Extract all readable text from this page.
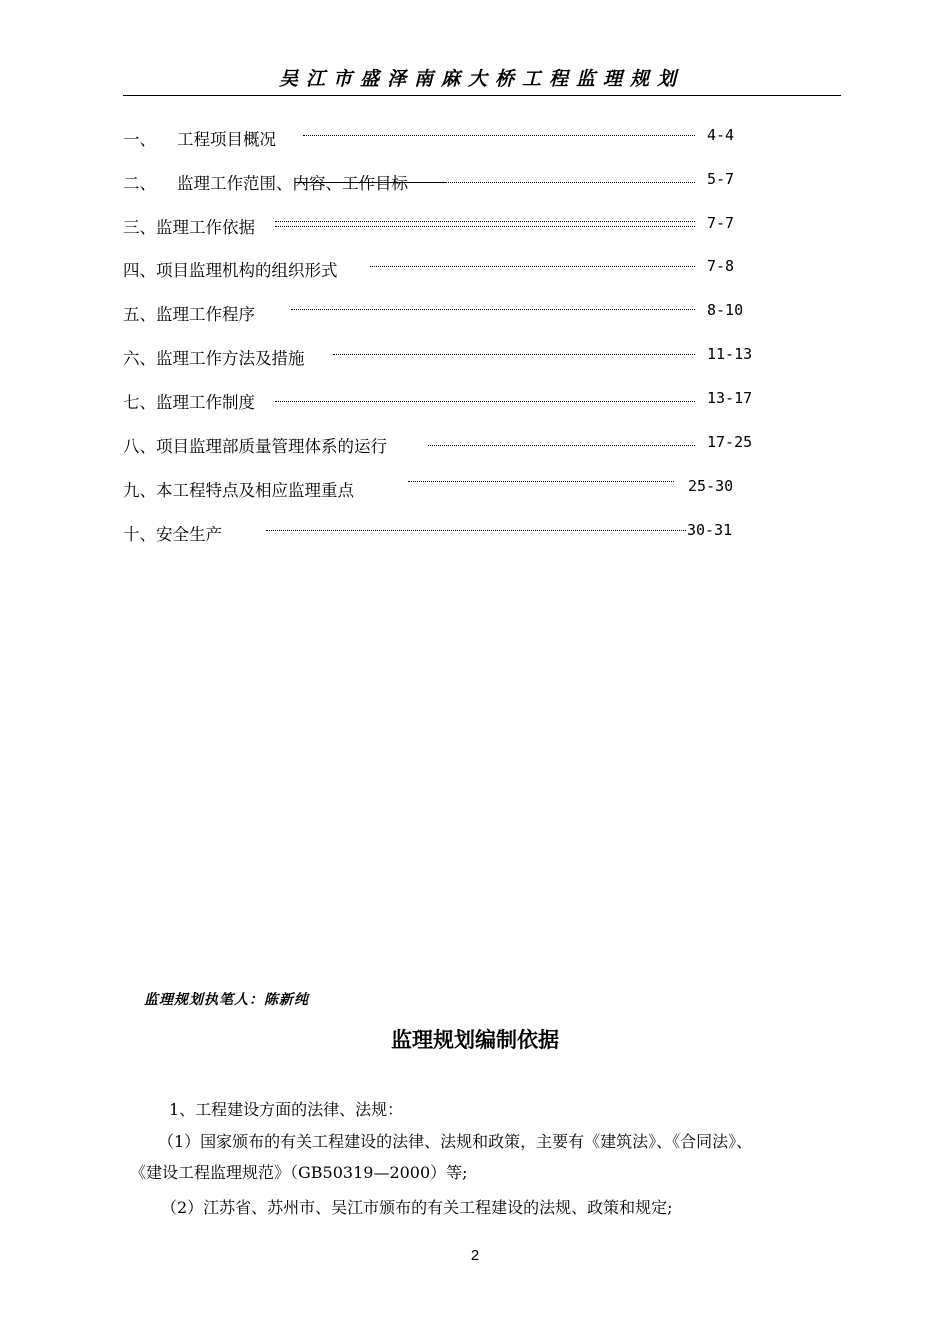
吴江市盛泽南麻大桥工程监理规划
一、    工程项目概况	4-4
二、    监理工作范围、内容、工作目标	5-7
三、监理工作依据	7-7
四、项目监理机构的组织形式	7-8
五、监理工作程序	8-10
六、监理工作方法及措施	11-13
七、监理工作制度	13-17
八、项目监理部质量管理体系的运行	17-25
九、本工程特点及相应监理重点	25-30
十、安全生产	30-31
监理规划执笔人：陈新纯
监理规划编制依据
1、工程建设方面的法律、法规：
（1）国家颁布的有关工程建设的法律、法规和政策，主要有《建筑法》、《合同法》、
《建设工程监理规范》（GB50319—2000）等;
（2）江苏省、苏州市、吴江市颁布的有关工程建设的法规、政策和规定;
2
